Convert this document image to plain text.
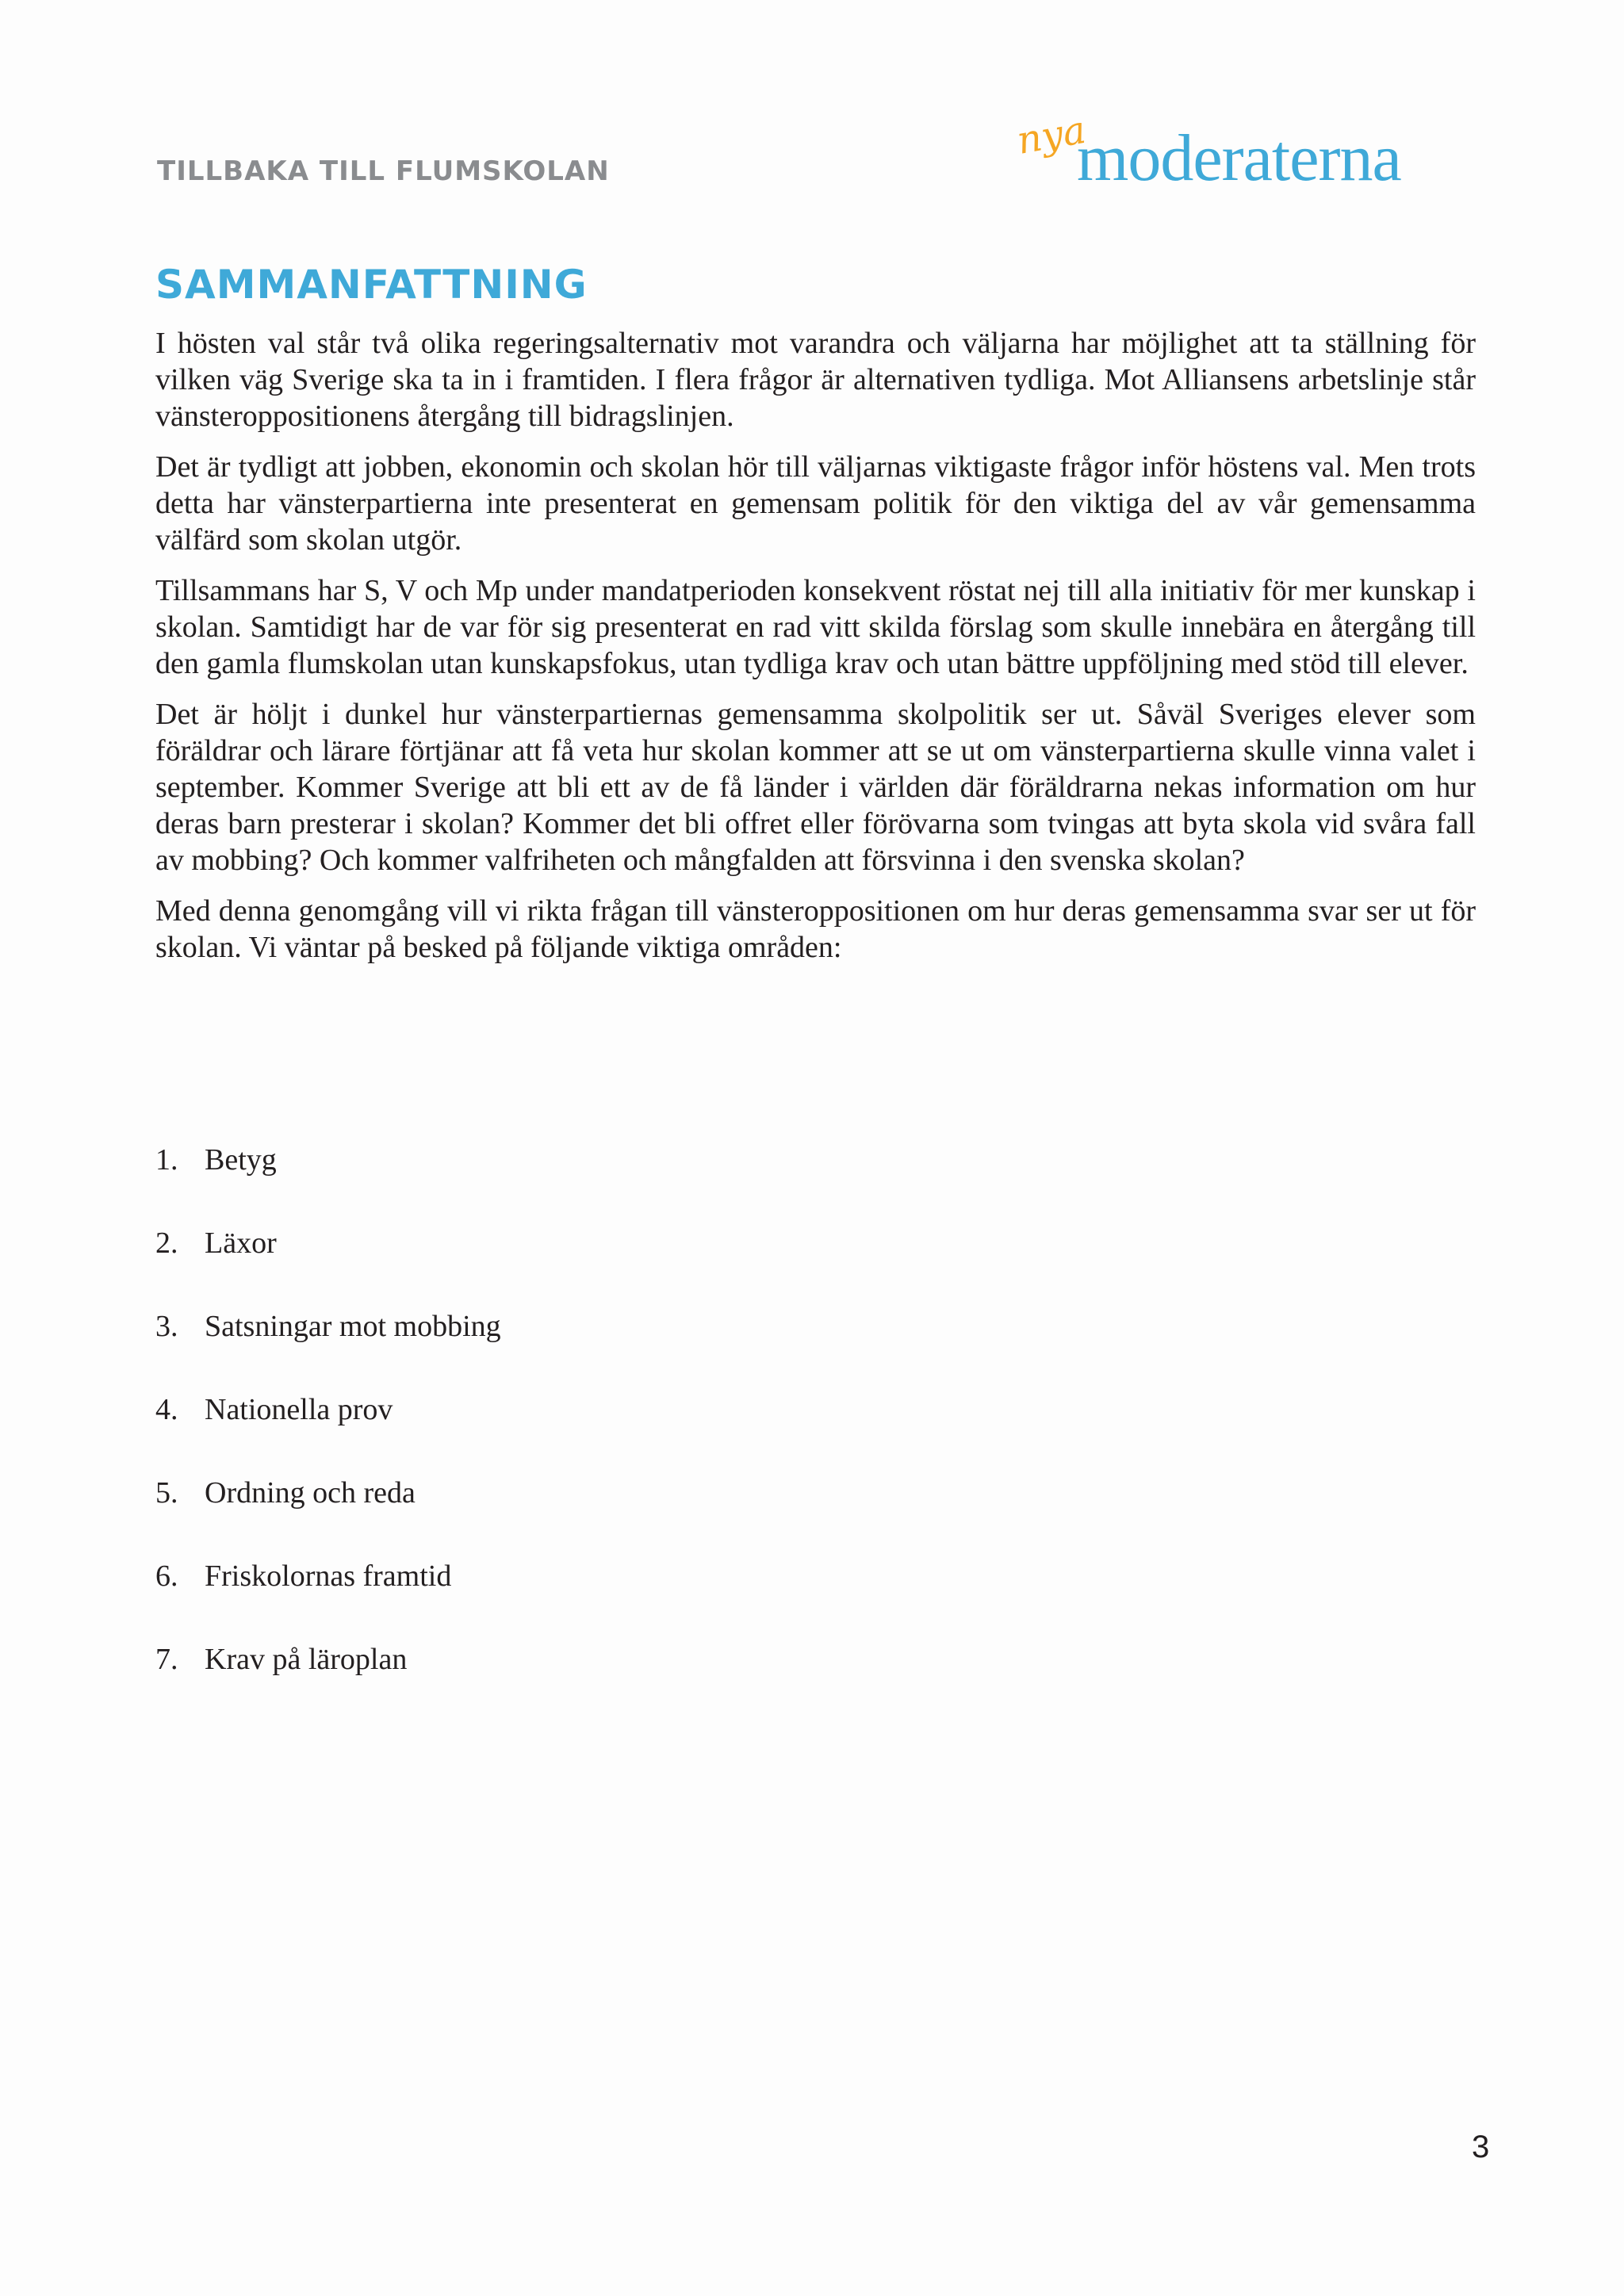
TILLBAKA TILL FLUMSKOLAN
nya
moderaterna
SAMMANFATTNING

I hösten val står två olika regeringsalternativ mot varandra och väljarna har möjlighet att ta ställning för vilken väg Sverige ska ta in i framtiden. I flera frågor är alternativen tydliga. Mot Alliansens arbetslinje står vänsteroppositionens återgång till bidragslinjen.

Det är tydligt att jobben, ekonomin och skolan hör till väljarnas viktigaste frågor inför höstens val. Men trots detta har vänsterpartierna inte presenterat en gemensam politik för den viktiga del av vår gemensamma välfärd som skolan utgör.

Tillsammans har S, V och Mp under mandatperioden konsekvent röstat nej till alla initiativ för mer kunskap i skolan. Samtidigt har de var för sig presenterat en rad vitt skilda förslag som skulle innebära en återgång till den gamla flumskolan utan kunskapsfokus, utan tydliga krav och utan bättre uppföljning med stöd till elever.

Det är höljt i dunkel hur vänsterpartiernas gemensamma skolpolitik ser ut. Såväl Sveriges elever som föräldrar och lärare förtjänar att få veta hur skolan kommer att se ut om vänsterpartierna skulle vinna valet i september. Kommer Sverige att bli ett av de få länder i världen där föräldrarna nekas information om hur deras barn presterar i skolan? Kommer det bli offret eller förövarna som tvingas att byta skola vid svåra fall av mobbing? Och kommer valfriheten och mångfalden att försvinna i den svenska skolan?

Med denna genomgång vill vi rikta frågan till vänsteroppositionen om hur deras gemensamma svar ser ut för skolan. Vi väntar på besked på följande viktiga områden:

1. Betyg
2. Läxor
3. Satsningar mot mobbing
4. Nationella prov
5. Ordning och reda
6. Friskolornas framtid
7. Krav på läroplan
3
